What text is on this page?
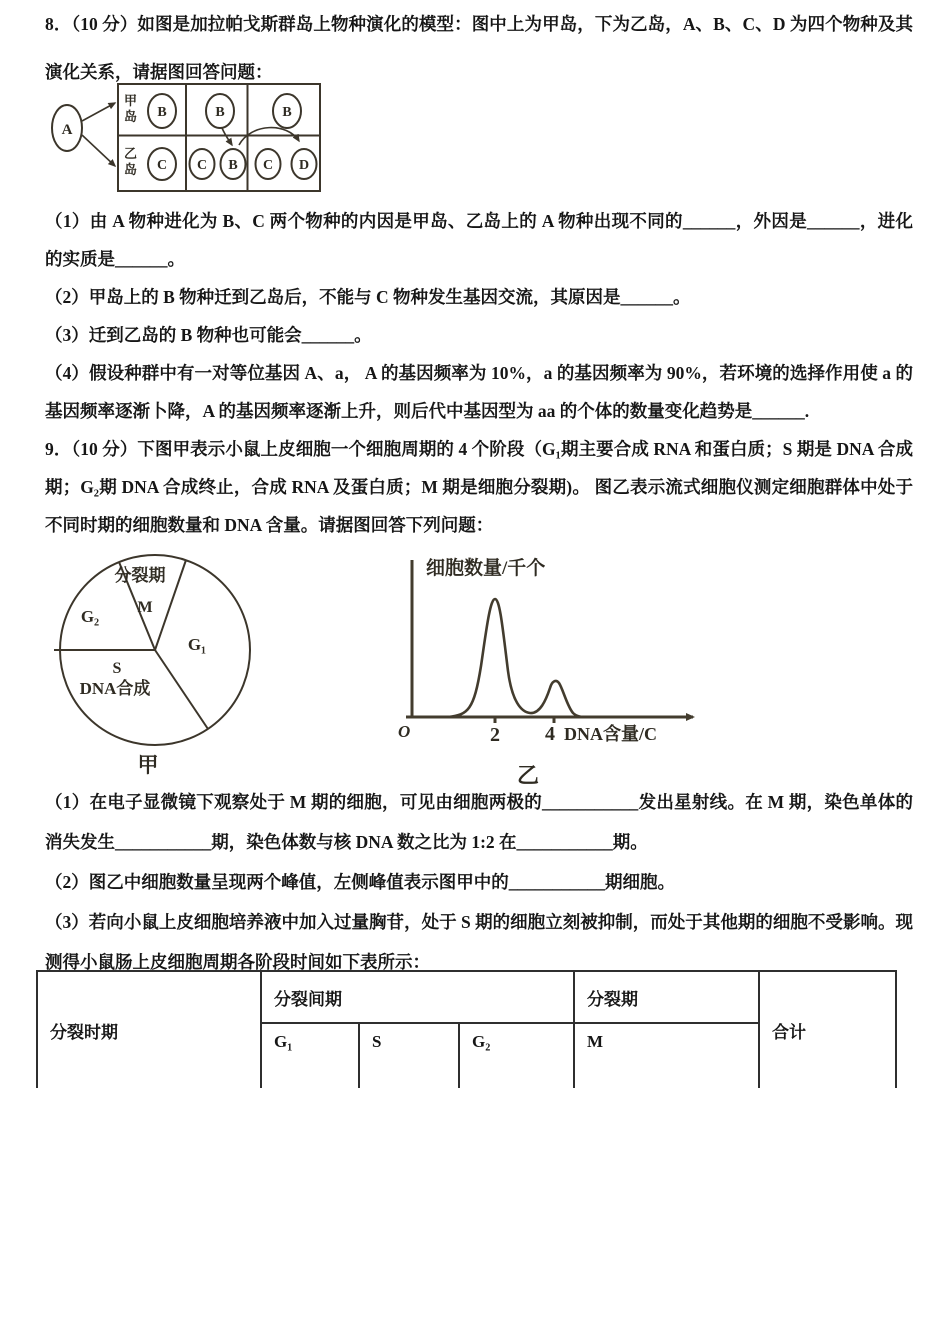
8．（10 分）如图是加拉帕戈斯群岛上物种演化的模型：图中上为甲岛，下为乙岛，A、B、C、D 为四个物种及其演化关系，请据图回答问题：

A
甲
岛
乙
岛
B	B	B
C C B C D

（1）由 A 物种进化为 B、C 两个物种的内因是甲岛、乙岛上的 A 物种出现不同的______，外因是______，进化的实质是______。

（2）甲岛上的 B 物种迁到乙岛后，不能与 C 物种发生基因交流，其原因是______。

（3）迁到乙岛的 B 物种也可能会______。

（4）假设种群中有一对等位基因 A、a， A 的基因频率为 10%，a 的基因频率为 90%，若环境的选择作用使 a 的基因频率逐渐卜降，A 的基因频率逐渐上升，则后代中基因型为 aa 的个体的数量变化趋势是______.

9．（10 分）下图甲表示小鼠上皮细胞一个细胞周期的 4 个阶段（G₁期主要合成 RNA 和蛋白质；S 期是 DNA 合成期；G₂期 DNA 合成终止，合成 RNA 及蛋白质；M 期是细胞分裂期)。 图乙表示流式细胞仪测定细胞群体中处于不同时期的细胞数量和 DNA 含量。请据图回答下列问题：

分裂期
M
G₂
G₁
S
DNA合成
甲
细胞数量/千个
O	2 4 DNA含量/C
乙

（1）在电子显微镜下观察处于 M 期的细胞，可见由细胞两极的___________发出星射线。在 M 期，染色单体的消失发生___________期，染色体数与核 DNA 数之比为 1:2 在___________期。

（2）图乙中细胞数量呈现两个峰值，左侧峰值表示图甲中的___________期细胞。

（3）若向小鼠上皮细胞培养液中加入过量胸苷，处于 S 期的细胞立刻被抑制，而处于其他期的细胞不受影响。现测得小鼠肠上皮细胞周期各阶段时间如下表所示：

分裂时期	分裂间期			分裂期	合计
	G₁	S	G₂	M	
